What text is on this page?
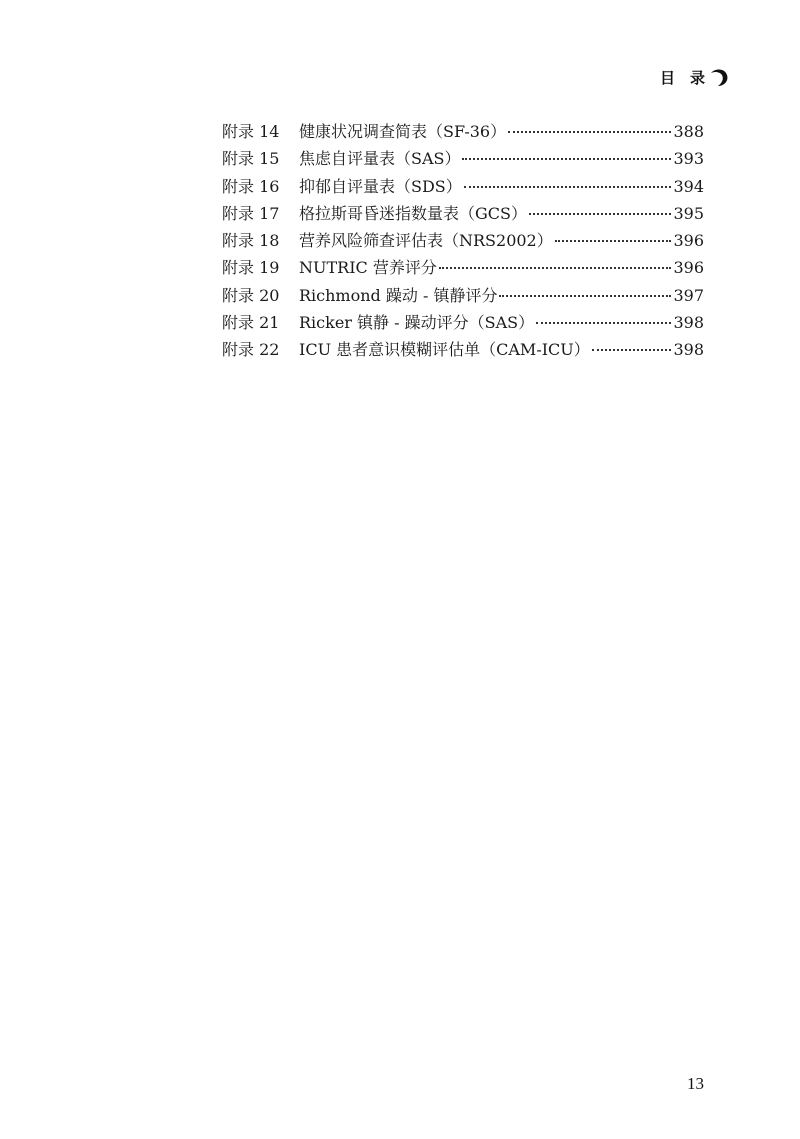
目　录
附录 14	健康状况调查简表（SF-36）	388
附录 15	焦虑自评量表（SAS）	393
附录 16	抑郁自评量表（SDS）	394
附录 17	格拉斯哥昏迷指数量表（GCS）	395
附录 18	营养风险筛查评估表（NRS2002）	396
附录 19	NUTRIC 营养评分	396
附录 20	Richmond 躁动 - 镇静评分	397
附录 21	Ricker 镇静 - 躁动评分（SAS）	398
附录 22	ICU 患者意识模糊评估单（CAM-ICU）	398
13
